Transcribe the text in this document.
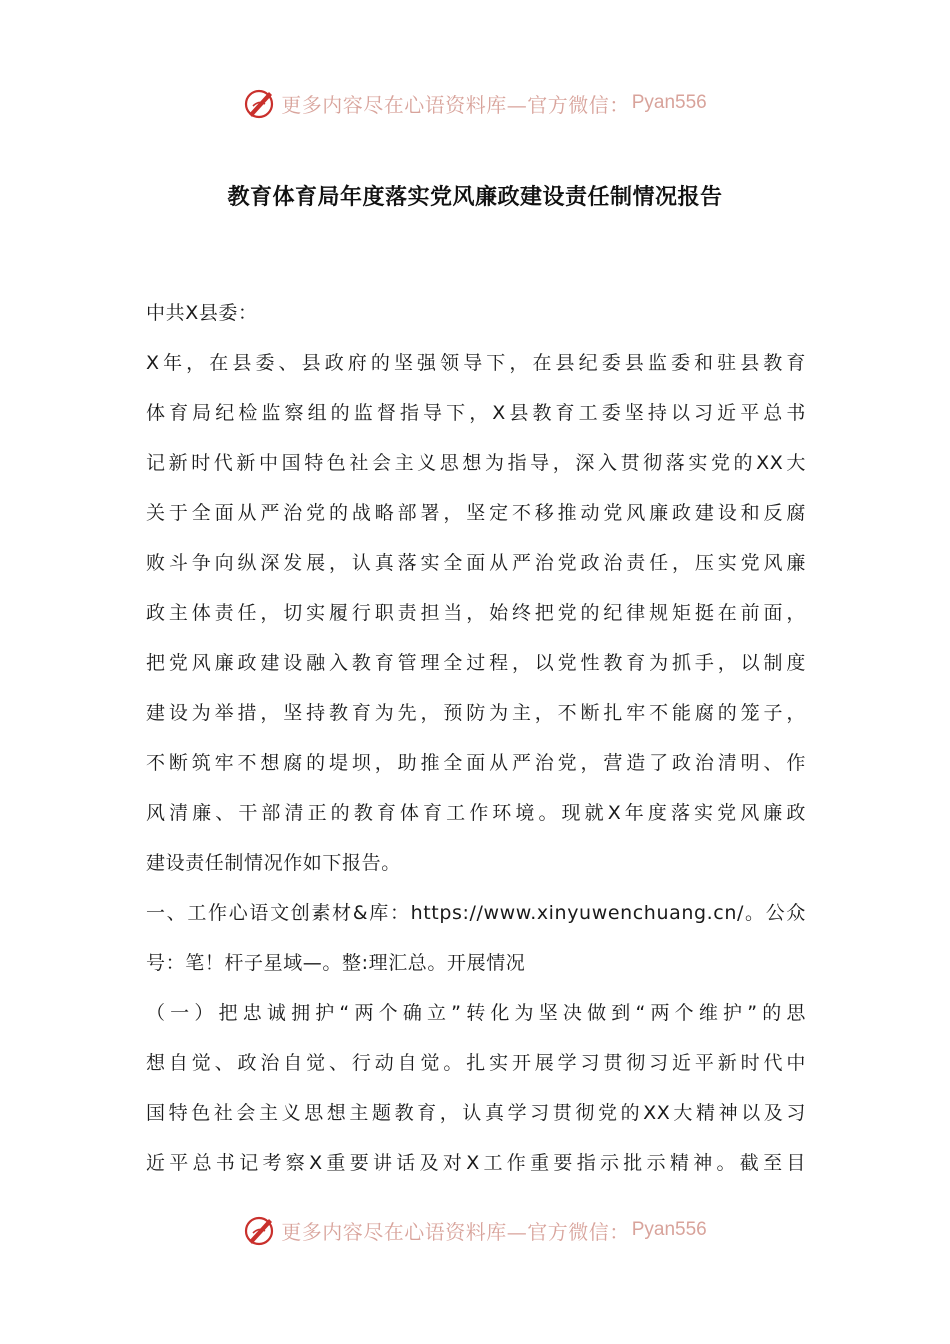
更多内容尽在心语资料库—官方微信： Pyan556
教育体育局年度落实党风廉政建设责任制情况报告
中共X县委：
X年，在县委、县政府的坚强领导下，在县纪委县监委和驻县教育
体育局纪检监察组的监督指导下，X县教育工委坚持以习近平总书
记新时代新中国特色社会主义思想为指导，深入贯彻落实党的XX大
关于全面从严治党的战略部署，坚定不移推动党风廉政建设和反腐
败斗争向纵深发展，认真落实全面从严治党政治责任，压实党风廉
政主体责任，切实履行职责担当，始终把党的纪律规矩挺在前面，
把党风廉政建设融入教育管理全过程，以党性教育为抓手，以制度
建设为举措，坚持教育为先，预防为主，不断扎牢不能腐的笼子，
不断筑牢不想腐的堤坝，助推全面从严治党，营造了政治清明、作
风清廉、干部清正的教育体育工作环境。现就X年度落实党风廉政
建设责任制情况作如下报告。
一、工作心语文创素材&库：https://www.xinyuwenchuang.cn/。公众
号：笔！杆子星域—。整:理汇总。开展情况
（一）把忠诚拥护“两个确立”转化为坚决做到“两个维护”的思
想自觉、政治自觉、行动自觉。扎实开展学习贯彻习近平新时代中
国特色社会主义思想主题教育，认真学习贯彻党的XX大精神以及习
近平总书记考察X重要讲话及对X工作重要指示批示精神。截至目
更多内容尽在心语资料库—官方微信： Pyan556
